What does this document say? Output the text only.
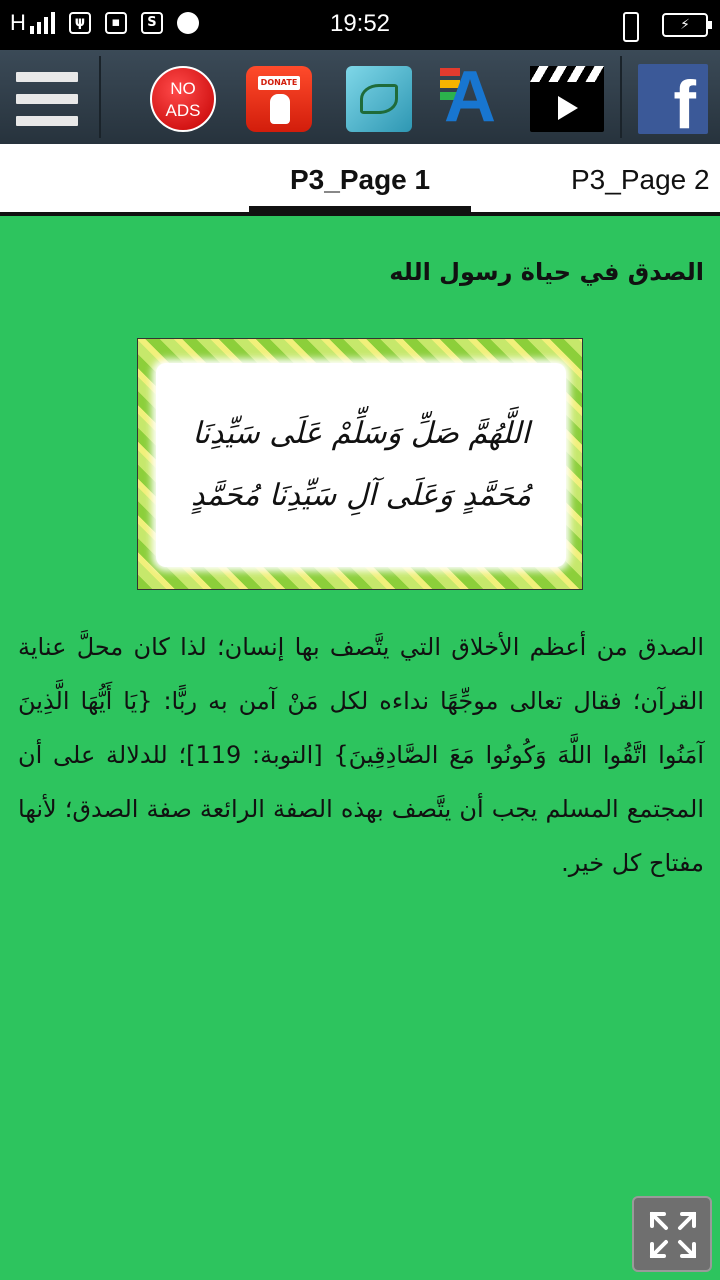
H	ψ	▪	S	19:52	⚡
NO
ADS
DONATE A	f
P3_Page 1	P3_Page 2
الصدق في حياة رسول الله
اللَّهُمَّ صَلِّ وَسَلِّمْ عَلَى سَيِّدِنَا مُحَمَّدٍ وَعَلَى آلِ سَيِّدِنَا مُحَمَّدٍ
الصدق من أعظم الأخلاق التي يتَّصف بها إنسان؛ لذا كان محلَّ عناية القرآن؛ فقال تعالى موجِّهًا نداءه لكل مَنْ آمن به ربًّا: {يَا أَيُّهَا الَّذِينَ آمَنُوا اتَّقُوا اللَّهَ وَكُونُوا مَعَ الصَّادِقِينَ} [التوبة: 119]؛ للدلالة على أن المجتمع المسلم يجب أن يتَّصف بهذه الصفة الرائعة صفة الصدق؛ لأنها مفتاح كل خير.
